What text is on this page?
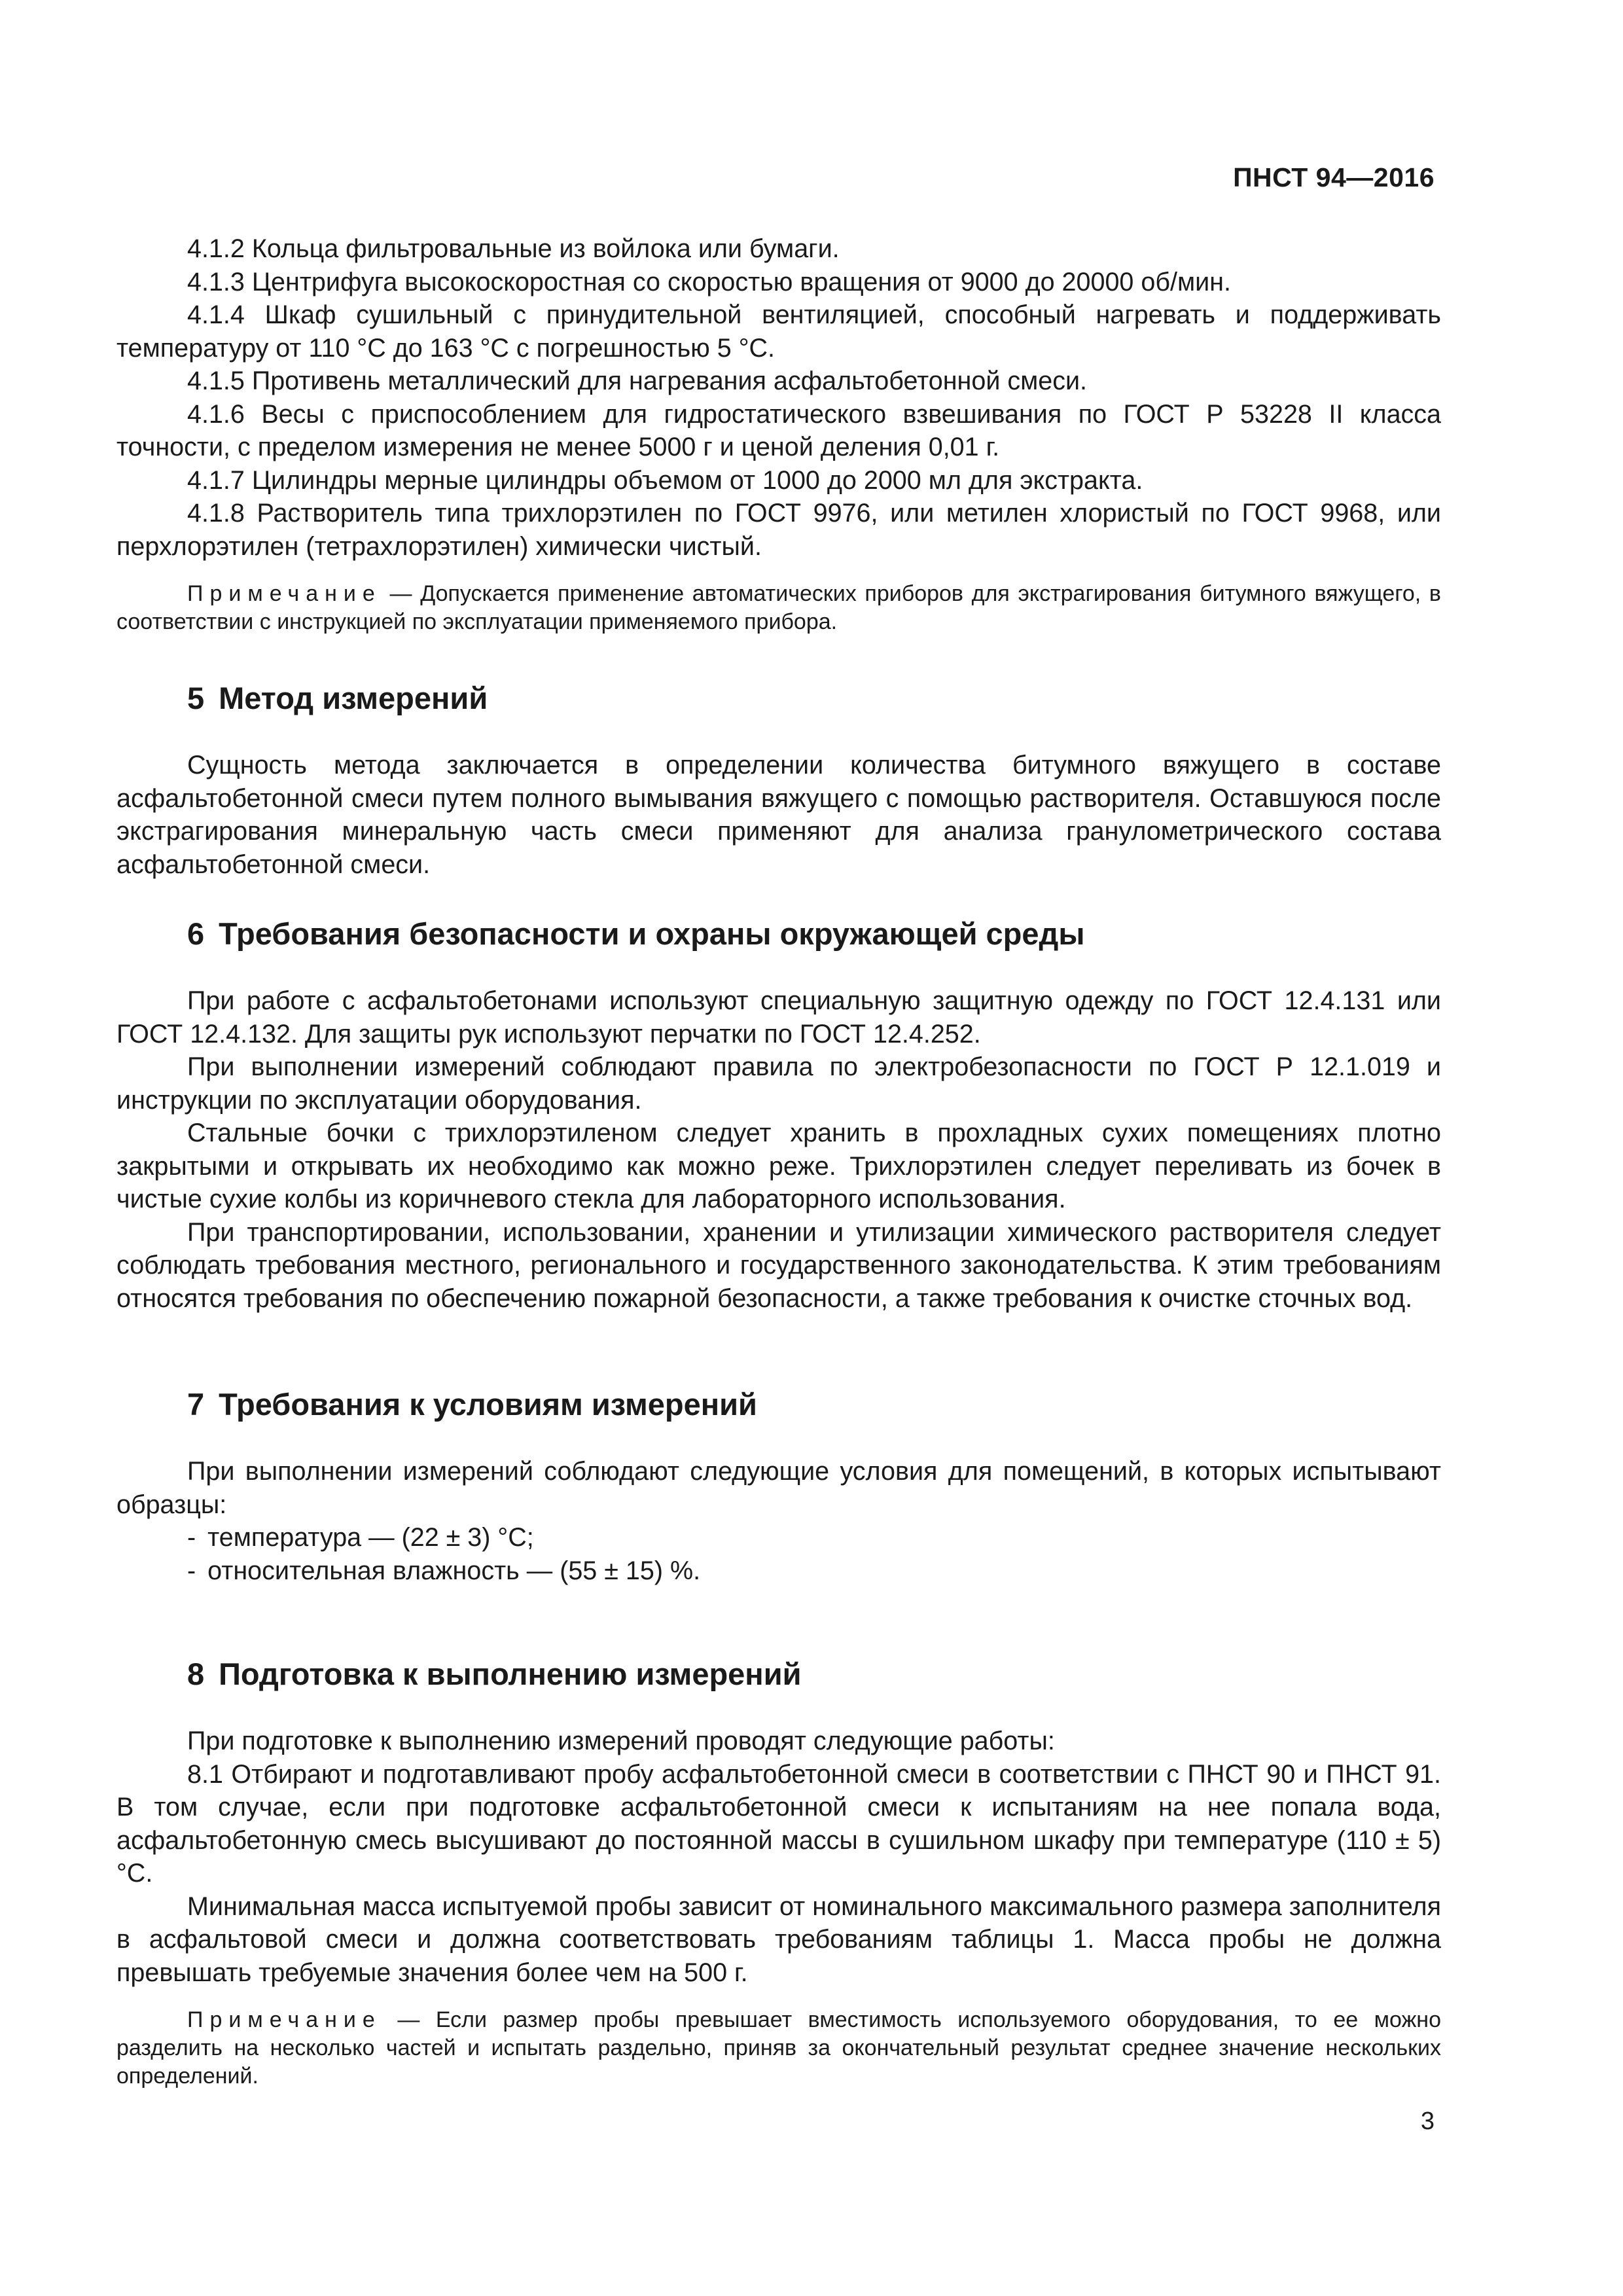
ПНСТ 94—2016

4.1.2 Кольца фильтровальные из войлока или бумаги.

4.1.3 Центрифуга высокоскоростная со скоростью вращения от 9000 до 20000 об/мин.

4.1.4 Шкаф сушильный с принудительной вентиляцией, способный нагревать и поддерживать температуру от 110 °С до 163 °С с погрешностью 5 °С.

4.1.5 Противень металлический для нагревания асфальтобетонной смеси.

4.1.6 Весы с приспособлением для гидростатического взвешивания по ГОСТ Р 53228 II класса точности, с пределом измерения не менее 5000 г и ценой деления 0,01 г.

4.1.7 Цилиндры мерные цилиндры объемом от 1000 до 2000 мл для экстракта.

4.1.8 Растворитель типа трихлорэтилен по ГОСТ 9976, или метилен хлористый по ГОСТ 9968, или перхлорэтилен (тетрахлорэтилен) химически чистый.

Примечание — Допускается применение автоматических приборов для экстрагирования битумного вяжущего, в соответствии с инструкцией по эксплуатации применяемого прибора.

5 Метод измерений

Сущность метода заключается в определении количества битумного вяжущего в составе асфальтобетонной смеси путем полного вымывания вяжущего с помощью растворителя. Оставшуюся после экстрагирования минеральную часть смеси применяют для анализа гранулометрического состава асфальтобетонной смеси.

6 Требования безопасности и охраны окружающей среды

При работе с асфальтобетонами используют специальную защитную одежду по ГОСТ 12.4.131 или ГОСТ 12.4.132. Для защиты рук используют перчатки по ГОСТ 12.4.252.

При выполнении измерений соблюдают правила по электробезопасности по ГОСТ Р 12.1.019 и инструкции по эксплуатации оборудования.

Стальные бочки с трихлорэтиленом следует хранить в прохладных сухих помещениях плотно закрытыми и открывать их необходимо как можно реже. Трихлорэтилен следует переливать из бочек в чистые сухие колбы из коричневого стекла для лабораторного использования.

При транспортировании, использовании, хранении и утилизации химического растворителя следует соблюдать требования местного, регионального и государственного законодательства. К этим требованиям относятся требования по обеспечению пожарной безопасности, а также требования к очистке сточных вод.

7 Требования к условиям измерений

При выполнении измерений соблюдают следующие условия для помещений, в которых испытывают образцы:

- температура — (22 ± 3) °С;
- относительная влажность — (55 ± 15) %.
8 Подготовка к выполнению измерений

При подготовке к выполнению измерений проводят следующие работы:

8.1 Отбирают и подготавливают пробу асфальтобетонной смеси в соответствии с ПНСТ 90 и ПНСТ 91. В том случае, если при подготовке асфальтобетонной смеси к испытаниям на нее попала вода, асфальтобетонную смесь высушивают до постоянной массы в сушильном шкафу при температуре (110 ± 5) °С.

Минимальная масса испытуемой пробы зависит от номинального максимального размера заполнителя в асфальтовой смеси и должна соответствовать требованиям таблицы 1. Масса пробы не должна превышать требуемые значения более чем на 500 г.

Примечание — Если размер пробы превышает вместимость используемого оборудования, то ее можно разделить на несколько частей и испытать раздельно, приняв за окончательный результат среднее значение нескольких определений.

3
